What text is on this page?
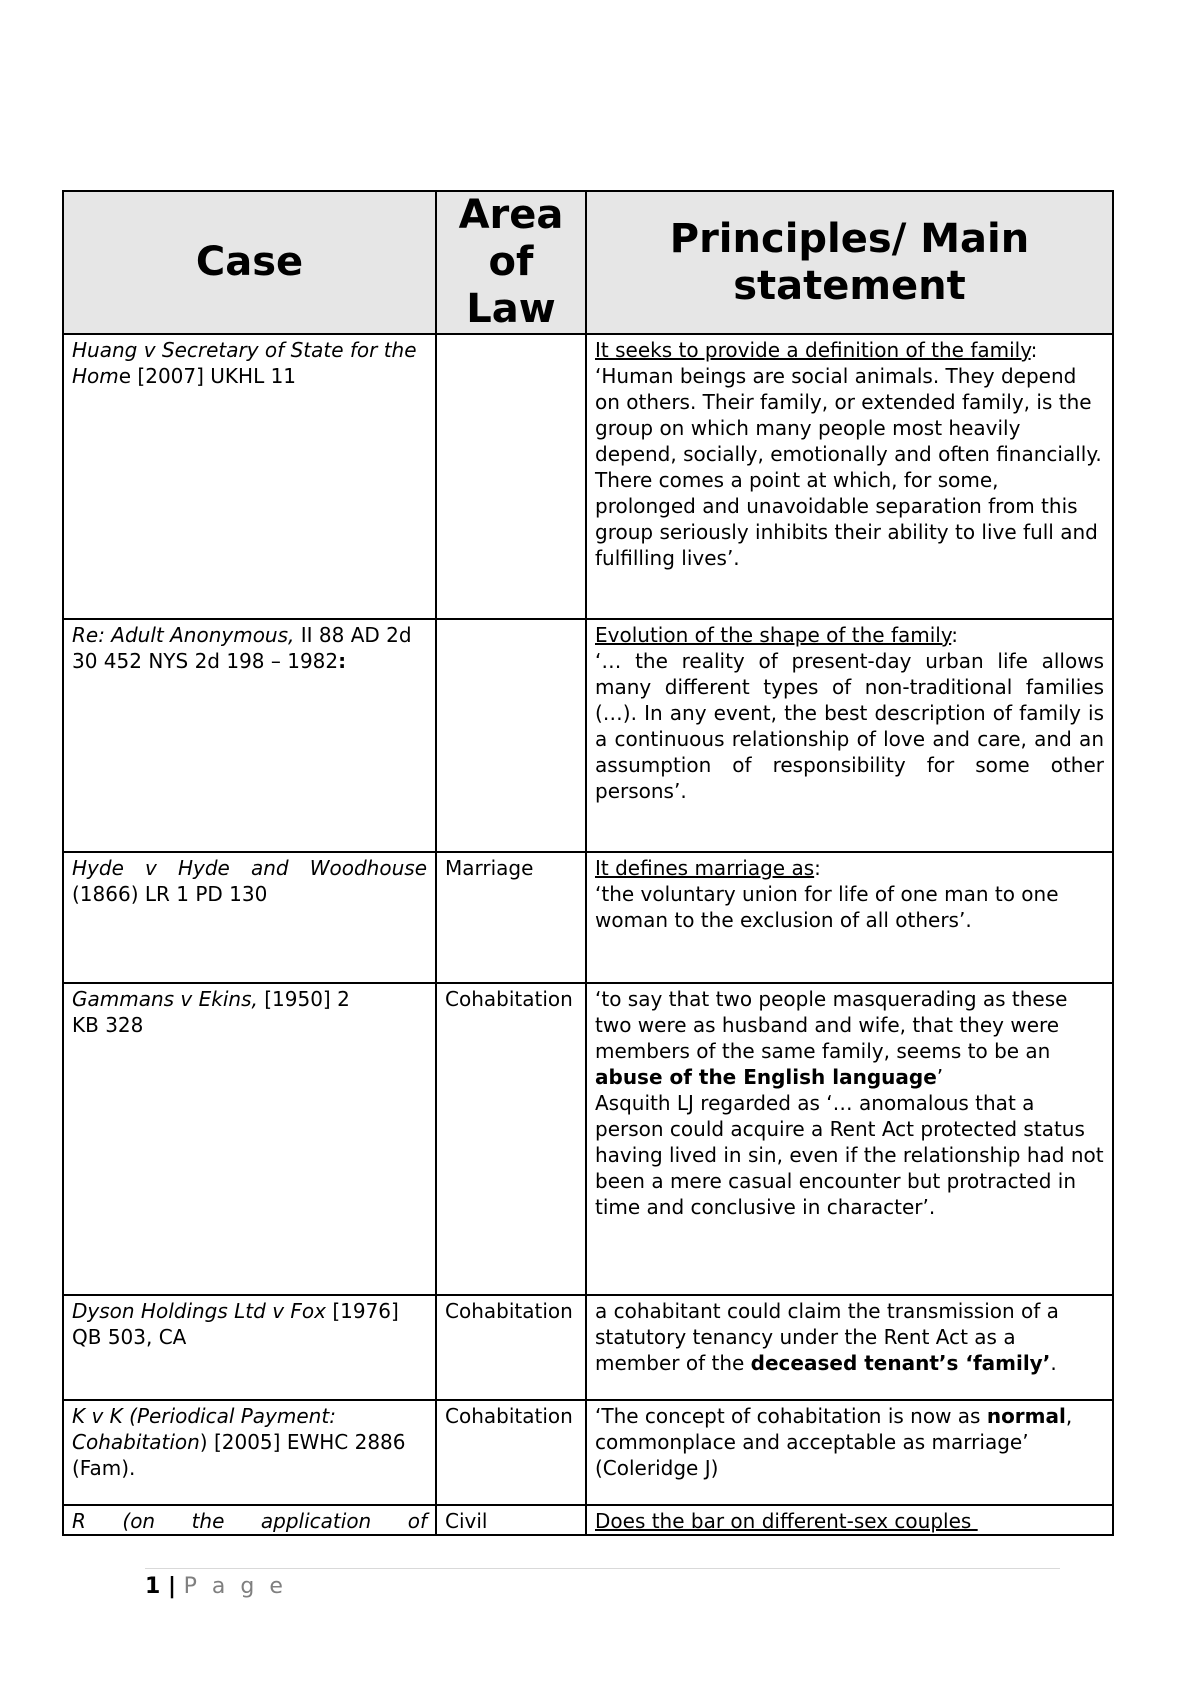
Case	Area of Law	Principles/ Main statement
Huang v Secretary of State for the Home [2007] UKHL 11		It seeks to provide a definition of the family:
‘Human beings are social animals. They depend on others. Their family, or extended family, is the group on which many people most heavily depend, socially, emotionally and often financially. There comes a point at which, for some, prolonged and unavoidable separation from this group seriously inhibits their ability to live full and fulfilling lives’.

Re: Adult Anonymous, II 88 AD 2d 30 452 NYS 2d 198 – 1982:		Evolution of the shape of the family:
‘… the reality of present-day urban life allows many different types of non-traditional families (…). In any event, the best description of family is a continuous relationship of love and care, and an assumption of responsibility for some other persons’.

Hyde v Hyde and Woodhouse (1866) LR 1 PD 130	Marriage	It defines marriage as:
‘the voluntary union for life of one man to one woman to the exclusion of all others’.

Gammans v Ekins, [1950] 2 KB 328	Cohabitation	‘to say that two people masquerading as these two were as husband and wife, that they were members of the same family, seems to be an abuse of the English language’
Asquith LJ regarded as ‘… anomalous that a person could acquire a Rent Act protected status having lived in sin, even if the relationship had not been a mere casual encounter but protracted in time and conclusive in character’.

Dyson Holdings Ltd v Fox [1976] QB 503, CA	Cohabitation	a cohabitant could claim the transmission of a statutory tenancy under the Rent Act as a member of the deceased tenant’s ‘family’.
K v K (Periodical Payment: Cohabitation) [2005] EWHC 2886 (Fam).	Cohabitation	‘The concept of cohabitation is now as normal, commonplace and acceptable as marriage’ (Coleridge J)

R (on the application of	Civil	Does the bar on different-sex couples
1 | P a g e
